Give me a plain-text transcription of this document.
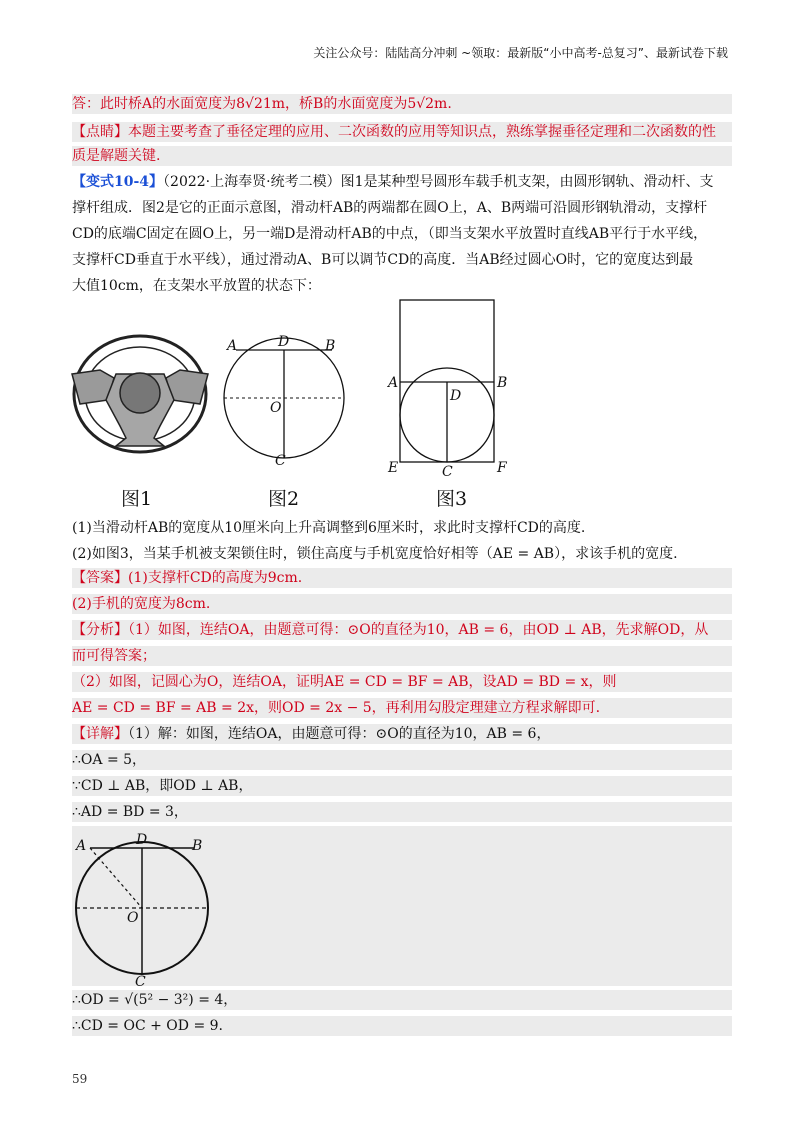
关注公众号：陆陆高分冲刺 ~领取：最新版“小中高考-总复习”、最新试卷下载
答：此时桥A的水面宽度为8√21m，桥B的水面宽度为5√2m.
【点睛】本题主要考查了垂径定理的应用、二次函数的应用等知识点，熟练掌握垂径定理和二次函数的性
质是解题关键.
【变式10-4】（2022·上海奉贤·统考二模）图1是某种型号圆形车载手机支架，由圆形钢轨、滑动杆、支
撑杆组成．图2是它的正面示意图，滑动杆AB的两端都在圆O上，A、B两端可沿圆形钢轨滑动，支撑杆
CD的底端C固定在圆O上，另一端D是滑动杆AB的中点，（即当支架水平放置时直线AB平行于水平线，
支撑杆CD垂直于水平线），通过滑动A、B可以调节CD的高度．当AB经过圆心O时，它的宽度达到最
大值10cm，在支架水平放置的状态下：
图1
A	D	B
O
C
图2
A	B
D
E	C	F
图3
(1)当滑动杆AB的宽度从10厘米向上升高调整到6厘米时，求此时支撑杆CD的高度.
(2)如图3，当某手机被支架锁住时，锁住高度与手机宽度恰好相等（AE = AB），求该手机的宽度.
【答案】(1)支撑杆CD的高度为9cm.
(2)手机的宽度为8cm.
【分析】（1）如图，连结OA，由题意可得：⊙O的直径为10，AB = 6，由OD ⊥ AB，先求解OD，从
而可得答案；
（2）如图，记圆心为O，连结OA，证明AE = CD = BF = AB，设AD = BD = x，则
AE = CD = BF = AB = 2x，则OD = 2x − 5，再利用勾股定理建立方程求解即可.
【详解】（1）解：如图，连结OA，由题意可得：⊙O的直径为10，AB = 6，
∴OA = 5，
∵CD ⊥ AB，即OD ⊥ AB，
∴AD = BD = 3，
A	D	B
O
C
∴OD = √(5² − 3²) = 4，
∴CD = OC + OD = 9.
59
